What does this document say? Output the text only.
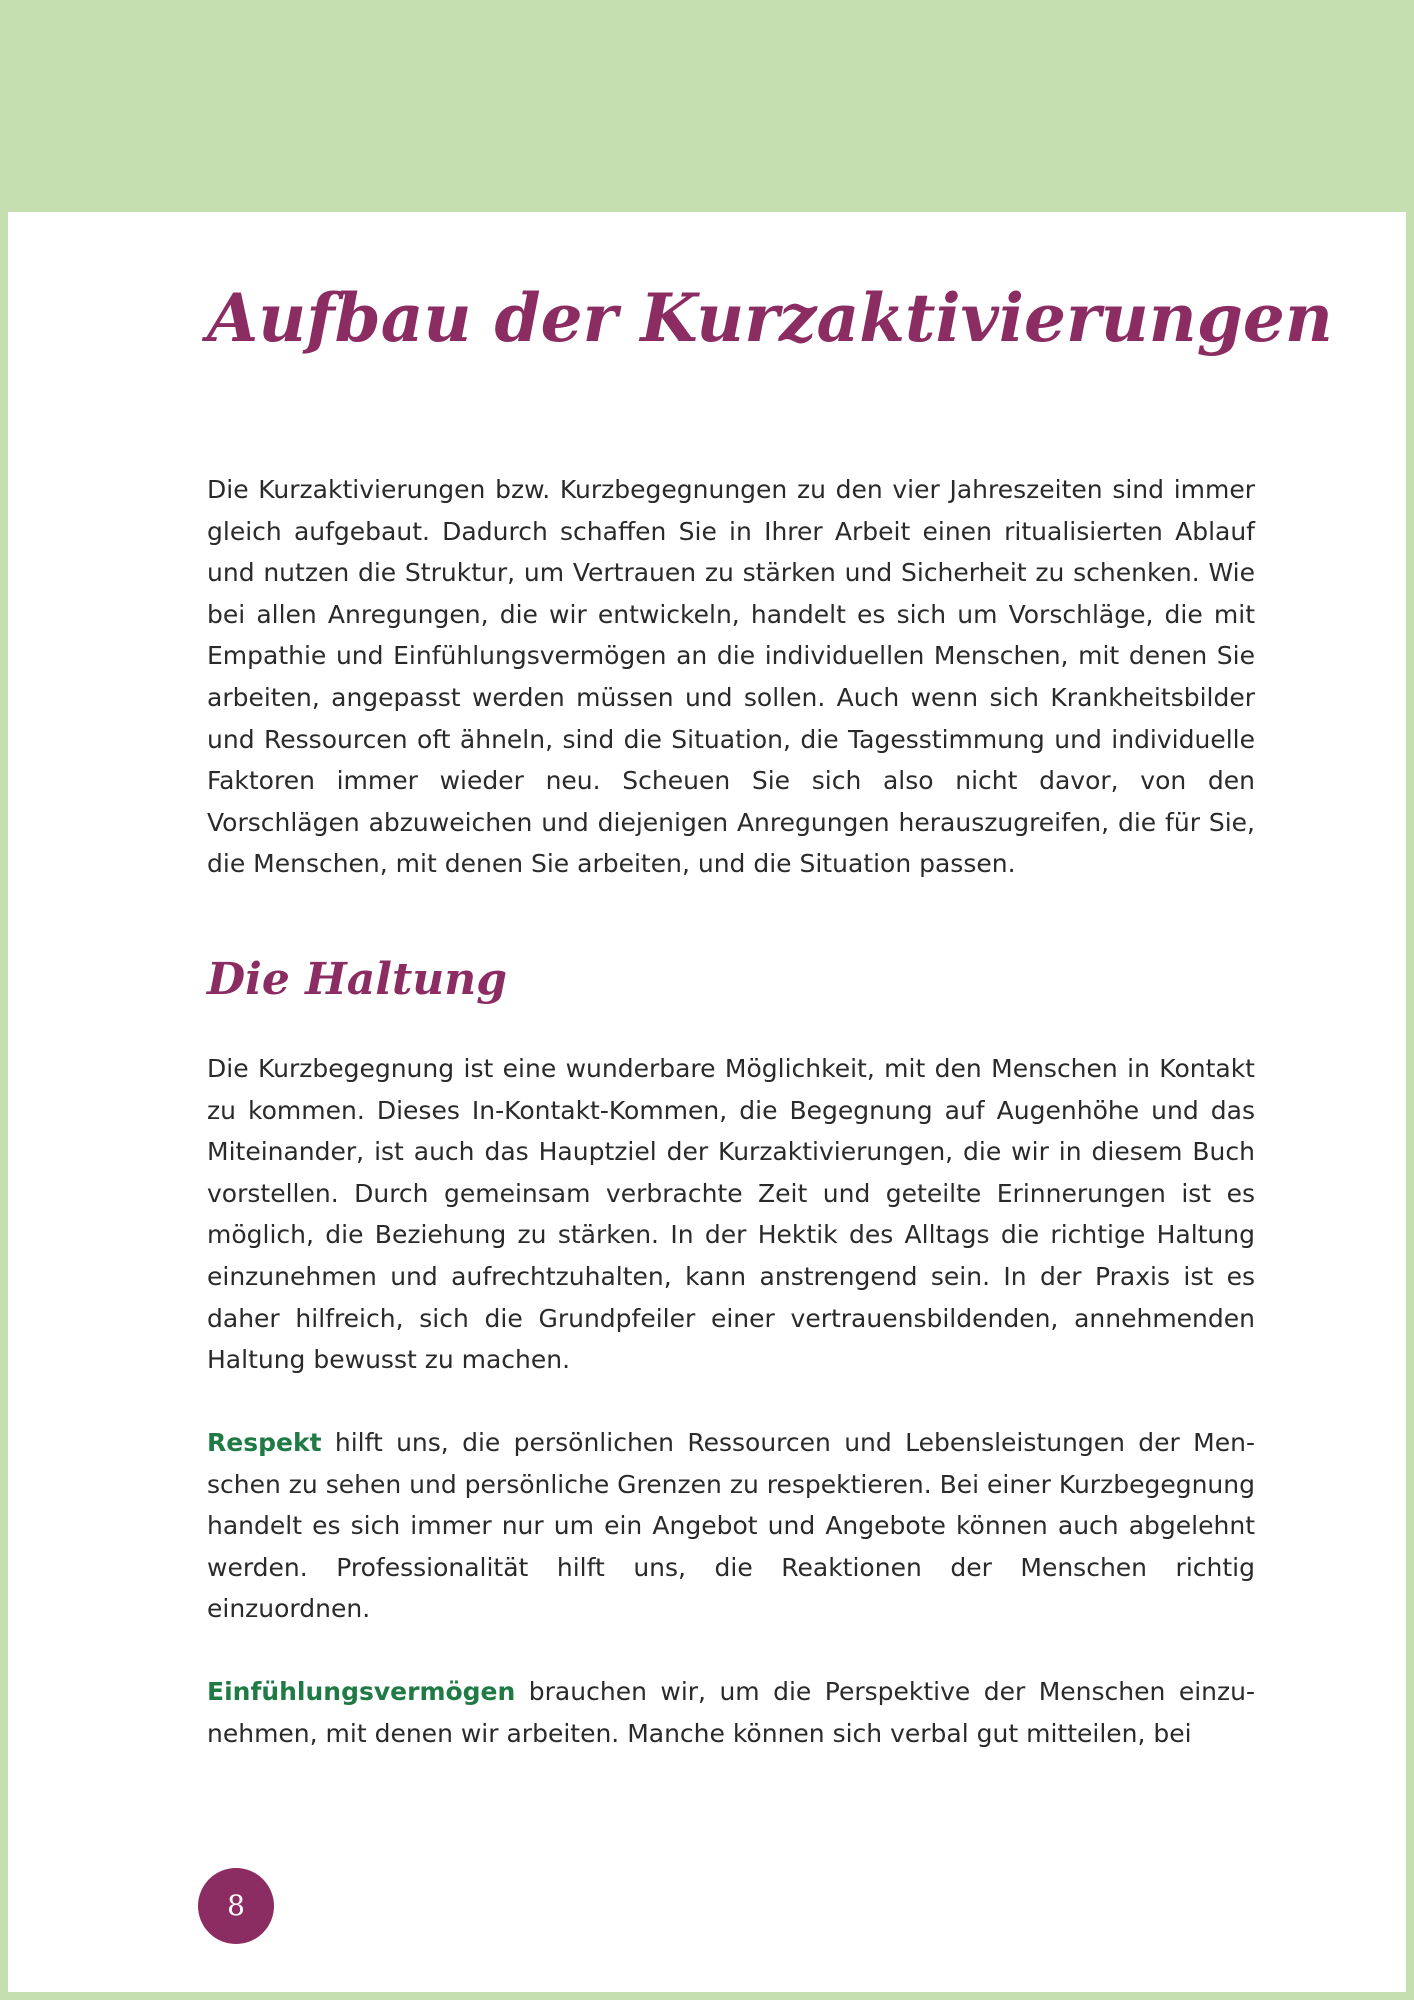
Aufbau der Kurzaktivierungen

Die Kurzaktivierungen bzw. Kurzbegegnungen zu den vier Jahreszeiten sind immer gleich aufgebaut. Dadurch schaffen Sie in Ihrer Arbeit einen ritualisierten Ablauf und nutzen die Struktur, um Vertrauen zu stärken und Sicherheit zu schenken. Wie bei allen Anregungen, die wir entwickeln, handelt es sich um Vorschläge, die mit Empathie und Einfühlungsvermögen an die individuellen Menschen, mit denen Sie arbeiten, angepasst werden müssen und sollen. Auch wenn sich Krankheitsbilder und Ressourcen oft ähneln, sind die Situation, die Tagesstimmung und individuelle Faktoren immer wieder neu. Scheuen Sie sich also nicht davor, von den Vorschlägen abzuweichen und diejenigen Anregungen herauszugreifen, die für Sie, die Menschen, mit denen Sie arbeiten, und die Situation passen.

Die Haltung

Die Kurzbegegnung ist eine wunderbare Möglichkeit, mit den Menschen in Kontakt zu kommen. Dieses In-Kontakt-Kommen, die Begegnung auf Augenhöhe und das Miteinander, ist auch das Hauptziel der Kurzaktivierungen, die wir in diesem Buch vorstellen. Durch gemeinsam verbrachte Zeit und geteilte Erinnerungen ist es möglich, die Beziehung zu stärken. In der Hektik des Alltags die richtige Haltung einzunehmen und aufrechtzuhalten, kann anstrengend sein. In der Praxis ist es daher hilfreich, sich die Grundpfeiler einer vertrauensbildenden, annehmenden Haltung bewusst zu machen.

Respekt hilft uns, die persönlichen Ressourcen und Lebensleistungen der Menschen zu sehen und persönliche Grenzen zu respektieren. Bei einer Kurzbegegnung handelt es sich immer nur um ein Angebot und Angebote können auch abgelehnt werden. Professionalität hilft uns, die Reaktionen der Menschen richtig einzuordnen.

Einfühlungsvermögen brauchen wir, um die Perspektive der Menschen einzunehmen, mit denen wir arbeiten. Manche können sich verbal gut mitteilen, bei

8
